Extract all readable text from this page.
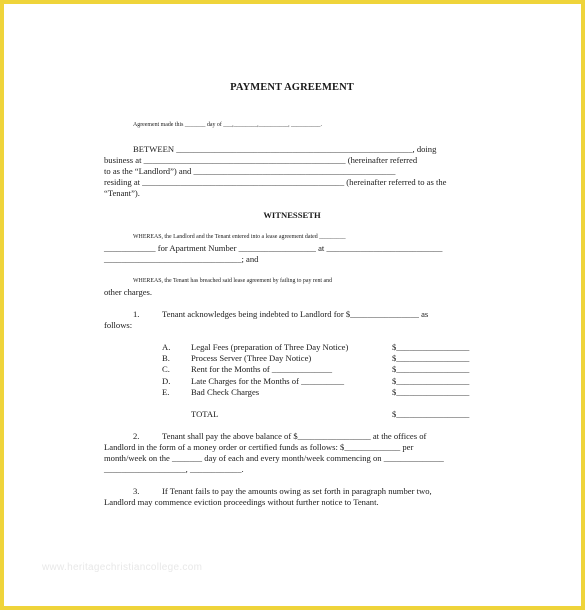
PAYMENT AGREEMENT
Agreement made this _______ day of ___,________,__________, __________.
BETWEEN _______________________________________________________, doing
business at _______________________________________________ (hereinafter referred
to as the “Landlord”) and _______________________________________________
residing at _______________________________________________ (hereinafter referred to as the
“Tenant”).
WITNESSETH
WHEREAS, the Landlord and the Tenant entered into a lease agreement dated _________
____________ for Apartment Number __________________ at ___________________________
________________________________; and
WHEREAS, the Tenant has breached said lease agreement by failing to pay rent and
other charges.
1.	Tenant acknowledges being indebted to Landlord for $________________ as
follows:
A. Legal Fees (preparation of Three Day Notice)	$_________________
B. Process Server (Three Day Notice)	$_________________
C. Rent for the Months of ______________	$_________________
D. Late Charges for the Months of __________	$_________________
E.	Bad Check Charges	$_________________
TOTAL	$_________________
2.	Tenant shall pay the above balance of $_________________ at the offices of
Landlord in the form of a money order or certified funds as follows: $_____________ per
month/week on the _______ day of each and every month/week commencing on ______________
___________________, ____________.
3.	If Tenant fails to pay the amounts owing as set forth in paragraph number two,
Landlord may commence eviction proceedings without further notice to Tenant.
www.heritagechristiancollege.com
